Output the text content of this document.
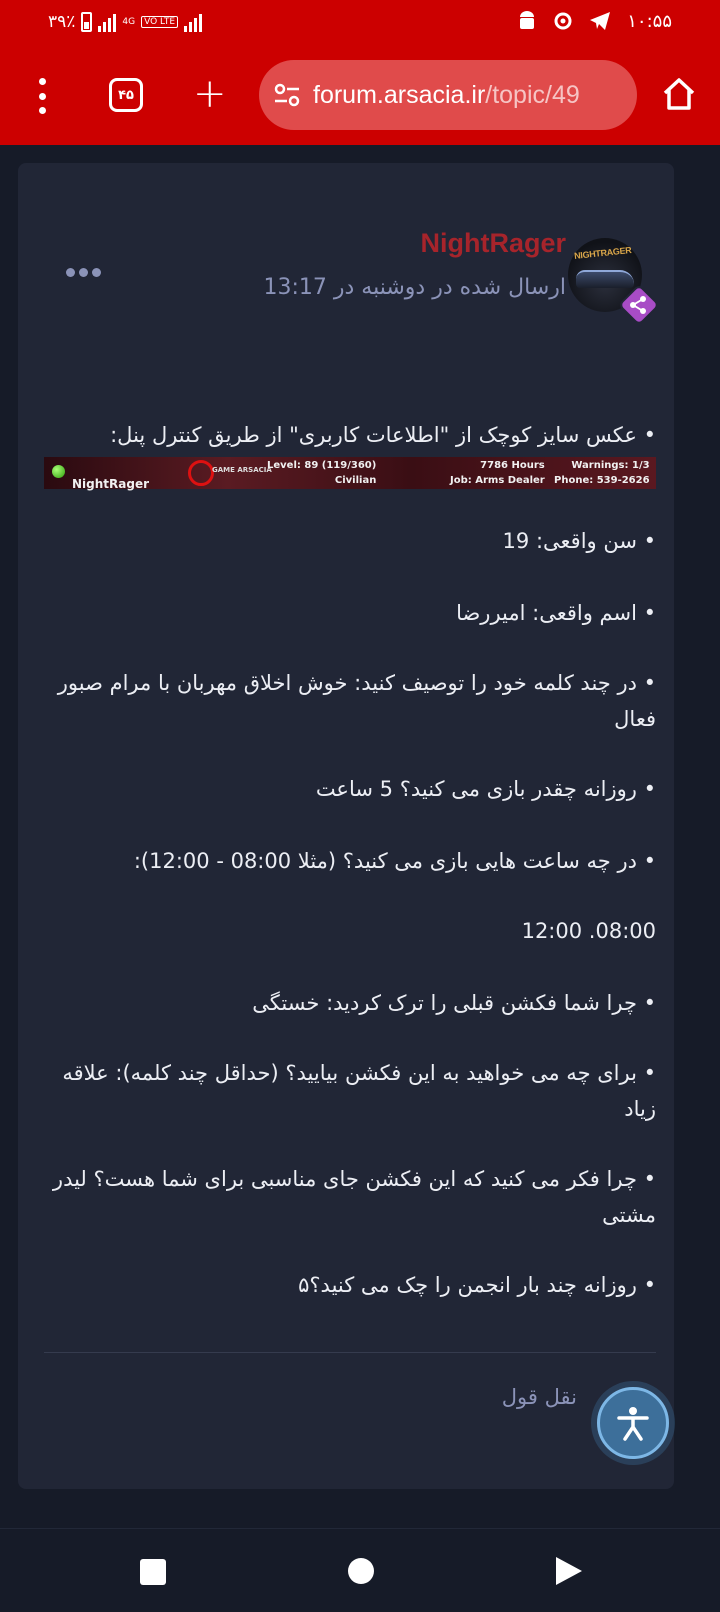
۳۹٪	4G	VO LTE	۱۰:۵۵
۴۵ +	forum.arsacia.ir/topic/49
NIGHTRAGER
NightRager
ارسال شده در دوشنبه در 13:17

• عکس سایز کوچک از "اطلاعات کاربری" از طریق کنترل پنل:

NightRager
GAME ARSACIA
Level: 89 (119/360)
Civilian
7786 Hours
Job: Arms Dealer
Warnings: 1/3
Phone: 539-2626

• سن واقعی: 19

• اسم واقعی: امیررضا

• در چند کلمه خود را توصیف کنید: خوش اخلاق مهربان با مرام صبور فعال

• روزانه چقدر بازی می کنید؟ 5 ساعت

• در چه ساعت هایی بازی می کنید؟ (مثلا 08:00 - 12:00):

08:00. 12:00

• چرا شما فکشن قبلی را ترک کردید: خستگی

• برای چه می خواهید به این فکشن بیایید؟ (حداقل چند کلمه): علاقه زیاد

• چرا فکر می کنید که این فکشن جای مناسبی برای شما هست؟ لیدر مشتی

• روزانه چند بار انجمن را چک می کنید؟۵

نقل قول
